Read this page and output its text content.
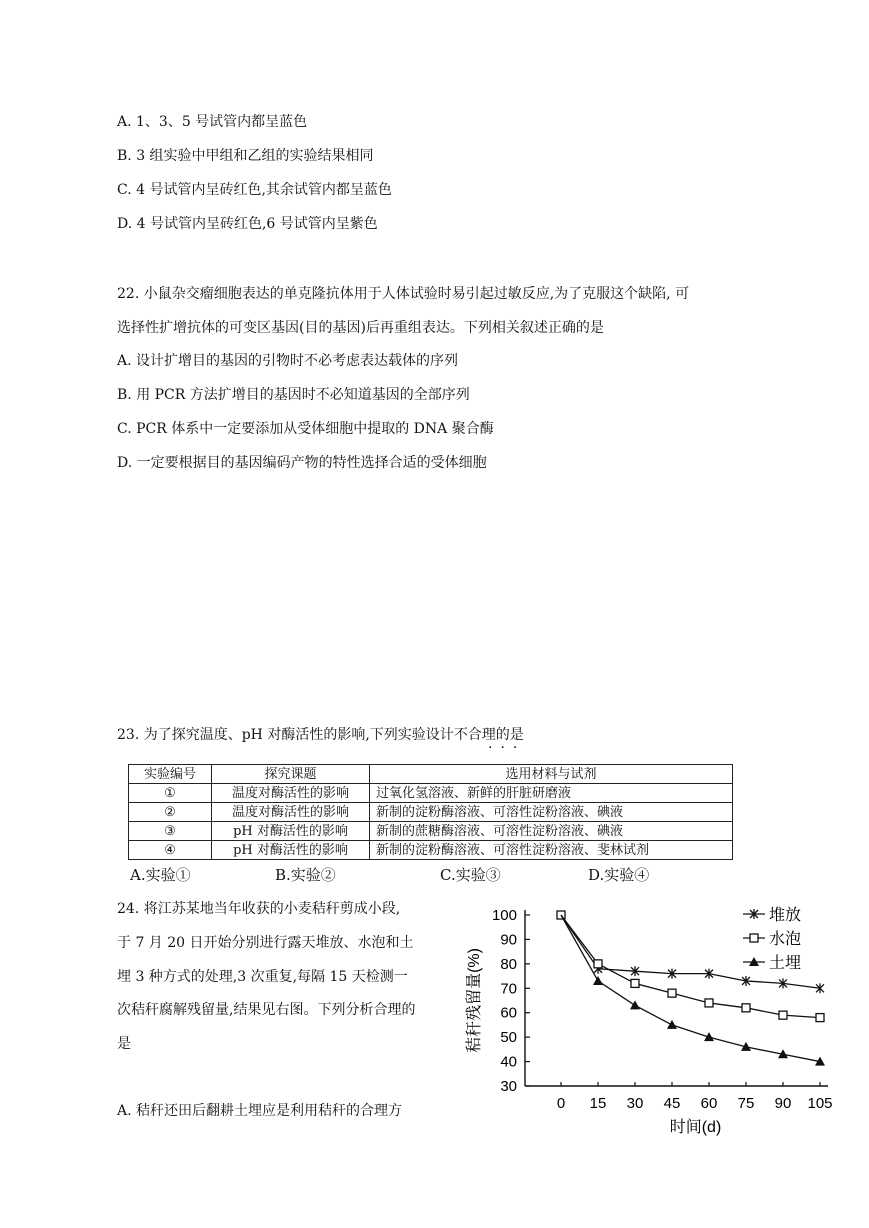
A. 1、3、5 号试管内都呈蓝色
B. 3 组实验中甲组和乙组的实验结果相同
C. 4 号试管内呈砖红色,其余试管内都呈蓝色
D. 4 号试管内呈砖红色,6 号试管内呈紫色
22. 小鼠杂交瘤细胞表达的单克隆抗体用于人体试验时易引起过敏反应,为了克服这个缺陷, 可
选择性扩增抗体的可变区基因(目的基因)后再重组表达。下列相关叙述正确的是
A. 设计扩增目的基因的引物时不必考虑表达载体的序列
B. 用 PCR 方法扩增目的基因时不必知道基因的全部序列
C. PCR 体系中一定要添加从受体细胞中提取的 DNA 聚合酶
D. 一定要根据目的基因编码产物的特性选择合适的受体细胞
23. 为了探究温度、pH 对酶活性的影响,下列实验设计不合理的是
···
实验编号	探究课题	选用材料与试剂
①	温度对酶活性的影响	过氧化氢溶液、新鲜的肝脏研磨液
②	温度对酶活性的影响	新制的淀粉酶溶液、可溶性淀粉溶液、碘液
③	pH 对酶活性的影响	新制的蔗糖酶溶液、可溶性淀粉溶液、碘液
④	pH 对酶活性的影响	新制的淀粉酶溶液、可溶性淀粉溶液、斐林试剂
A.实验①	B.实验②	C.实验③	D.实验④
24. 将江苏某地当年收获的小麦秸秆剪成小段,
于 7 月 20 日开始分别进行露天堆放、水泡和土
埋 3 种方式的处理,3 次重复,每隔 15 天检测一
次秸秆腐解残留量,结果见右图。下列分析合理的
是
A. 秸秆还田后翻耕土埋应是利用秸秆的合理方
100
90
80
70
60
50
40
30
0 15 30 45 60 75 90 105
时间(d)
秸秆残留量(%)
堆放
水泡
土埋
